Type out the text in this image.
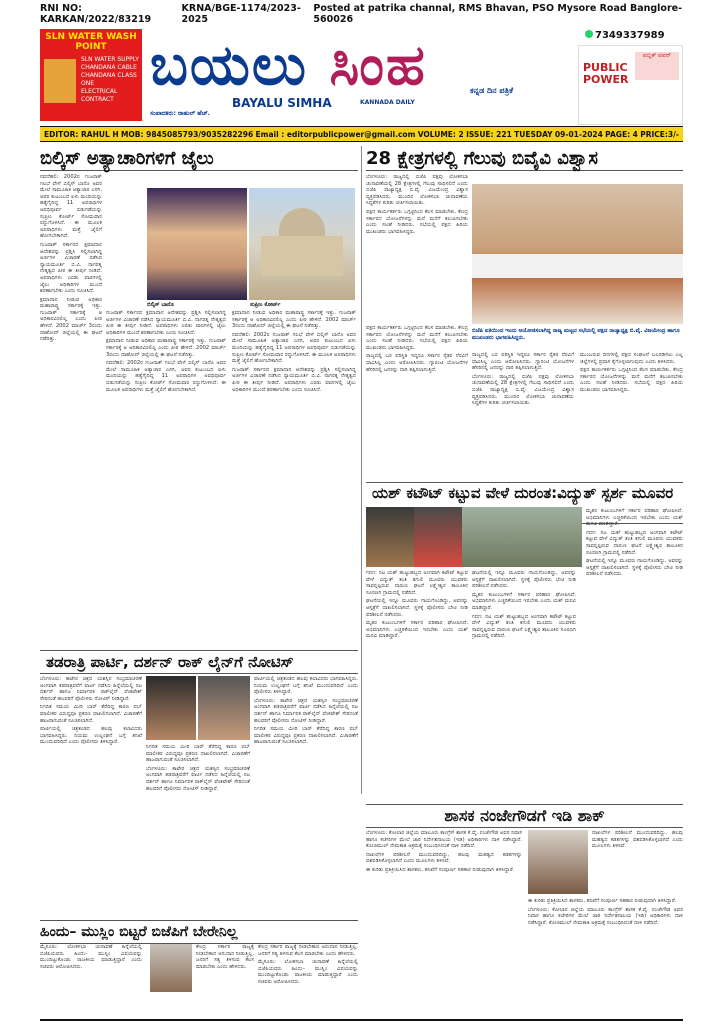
RNI NO: KARKAN/2022/83219
KRNA/BGE-1174/2023-2025
Posted at patrika channal, RMS Bhavan, PSO Mysore Road Banglore-560026
SLN WATER WASH
POINT
SLN WATER SUPPLY
CHANDANA CABLE
CHANDANA CLASS ONE
ELECTRICAL CONTRACT
ಬಯಲು ಸಿಂಹ
BAYALU SIMHA	KANNADA DAILY
ಕನ್ನಡ ದಿನ ಪತ್ರಿಕೆ
ಸಂಪಾದಕರು: ರಾಹುಲ್ ಹೆಚ್.
7349337989
PUBLIC
POWER
ಪಬ್ಲಿಕ್ ಪವರ್
EDITOR: RAHUL H MOB: 9845085793/9035282296 Email : editorpublicpower@gmail.com VOLUME: 2 ISSUE: 221 TUESDAY 09-01-2024 PAGE: 4 PRICE:3/-
ಬಿಲ್ಕಿಸ್ ಅತ್ಯಾಚಾರಿಗಳಿಗೆ ಜೈಲು

ನವದೆಹಲಿ: 2002ರ ಗುಜರಾತ್ ಗಲಭೆ ವೇಳೆ ಬಿಲ್ಕಿಸ್ ಬಾನೊ ಅವರ ಮೇಲೆ ಸಾಮೂಹಿಕ ಅತ್ಯಾಚಾರ ಎಸಗಿ, ಅವರ ಕುಟುಂಬದ ಏಳು ಮಂದಿಯನ್ನು ಹತ್ಯೆಗೈದಿದ್ದ 11 ಅಪರಾಧಿಗಳ ಅವಧಿಪೂರ್ವ ಬಿಡುಗಡೆಯನ್ನು ಸುಪ್ರೀಂ ಕೋರ್ಟ್ ಸೋಮವಾರ ರದ್ದುಗೊಳಿಸಿದೆ. ಈ ಮೂಲಕ ಅಪರಾಧಿಗಳು ಮತ್ತೆ ಜೈಲಿಗೆ ಹೋಗಬೇಕಾಗಿದೆ.

ಗುಜರಾತ್ ಸರ್ಕಾರದ ಕ್ಷಮಾದಾನ ಆದೇಶವನ್ನು ಪ್ರಶ್ನಿಸಿ ಸಲ್ಲಿಸಲಾಗಿದ್ದ ಅರ್ಜಿಗಳ ವಿಚಾರಣೆ ನಡೆಸಿದ ನ್ಯಾಯಮೂರ್ತಿ ಬಿ.ವಿ. ನಾಗರತ್ನ ನೇತೃತ್ವದ ಪೀಠ ಈ ತೀರ್ಪು ನೀಡಿದೆ. ಅಪರಾಧಿಗಳು ಎರಡು ವಾರಗಳಲ್ಲಿ ಜೈಲು ಅಧಿಕಾರಿಗಳ ಮುಂದೆ ಶರಣಾಗಬೇಕು ಎಂದು ಸೂಚಿಸಿದೆ.

ಕ್ಷಮಾದಾನ ನೀಡುವ ಅಧಿಕಾರ ಮಹಾರಾಷ್ಟ್ರ ಸರ್ಕಾರಕ್ಕೆ ಇತ್ತು. ಗುಜರಾತ್ ಸರ್ಕಾರಕ್ಕೆ ಆ ಅಧಿಕಾರವಿರಲಿಲ್ಲ ಎಂದು ಪೀಠ ಹೇಳಿದೆ. 2002 ಮಾರ್ಚ್ 3ರಂದು ದಾಹೋದ್ ಜಿಲ್ಲೆಯಲ್ಲಿ ಈ ಘಟನೆ ನಡೆದಿತ್ತು.

ಬಿಲ್ಕಿಸ್ ಬಾನೊ	ಸುಪ್ರೀಂ ಕೋರ್ಟ್

ಗುಜರಾತ್ ಸರ್ಕಾರದ ಕ್ಷಮಾದಾನ ಆದೇಶವನ್ನು ಪ್ರಶ್ನಿಸಿ ಸಲ್ಲಿಸಲಾಗಿದ್ದ ಅರ್ಜಿಗಳ ವಿಚಾರಣೆ ನಡೆಸಿದ ನ್ಯಾಯಮೂರ್ತಿ ಬಿ.ವಿ. ನಾಗರತ್ನ ನೇತೃತ್ವದ ಪೀಠ ಈ ತೀರ್ಪು ನೀಡಿದೆ. ಅಪರಾಧಿಗಳು ಎರಡು ವಾರಗಳಲ್ಲಿ ಜೈಲು ಅಧಿಕಾರಿಗಳ ಮುಂದೆ ಶರಣಾಗಬೇಕು ಎಂದು ಸೂಚಿಸಿದೆ.

ಕ್ಷಮಾದಾನ ನೀಡುವ ಅಧಿಕಾರ ಮಹಾರಾಷ್ಟ್ರ ಸರ್ಕಾರಕ್ಕೆ ಇತ್ತು. ಗುಜರಾತ್ ಸರ್ಕಾರಕ್ಕೆ ಆ ಅಧಿಕಾರವಿರಲಿಲ್ಲ ಎಂದು ಪೀಠ ಹೇಳಿದೆ. 2002 ಮಾರ್ಚ್ 3ರಂದು ದಾಹೋದ್ ಜಿಲ್ಲೆಯಲ್ಲಿ ಈ ಘಟನೆ ನಡೆದಿತ್ತು.

ನವದೆಹಲಿ: 2002ರ ಗುಜರಾತ್ ಗಲಭೆ ವೇಳೆ ಬಿಲ್ಕಿಸ್ ಬಾನೊ ಅವರ ಮೇಲೆ ಸಾಮೂಹಿಕ ಅತ್ಯಾಚಾರ ಎಸಗಿ, ಅವರ ಕುಟುಂಬದ ಏಳು ಮಂದಿಯನ್ನು ಹತ್ಯೆಗೈದಿದ್ದ 11 ಅಪರಾಧಿಗಳ ಅವಧಿಪೂರ್ವ ಬಿಡುಗಡೆಯನ್ನು ಸುಪ್ರೀಂ ಕೋರ್ಟ್ ಸೋಮವಾರ ರದ್ದುಗೊಳಿಸಿದೆ. ಈ ಮೂಲಕ ಅಪರಾಧಿಗಳು ಮತ್ತೆ ಜೈಲಿಗೆ ಹೋಗಬೇಕಾಗಿದೆ.

ಕ್ಷಮಾದಾನ ನೀಡುವ ಅಧಿಕಾರ ಮಹಾರಾಷ್ಟ್ರ ಸರ್ಕಾರಕ್ಕೆ ಇತ್ತು. ಗುಜರಾತ್ ಸರ್ಕಾರಕ್ಕೆ ಆ ಅಧಿಕಾರವಿರಲಿಲ್ಲ ಎಂದು ಪೀಠ ಹೇಳಿದೆ. 2002 ಮಾರ್ಚ್ 3ರಂದು ದಾಹೋದ್ ಜಿಲ್ಲೆಯಲ್ಲಿ ಈ ಘಟನೆ ನಡೆದಿತ್ತು.

ನವದೆಹಲಿ: 2002ರ ಗುಜರಾತ್ ಗಲಭೆ ವೇಳೆ ಬಿಲ್ಕಿಸ್ ಬಾನೊ ಅವರ ಮೇಲೆ ಸಾಮೂಹಿಕ ಅತ್ಯಾಚಾರ ಎಸಗಿ, ಅವರ ಕುಟುಂಬದ ಏಳು ಮಂದಿಯನ್ನು ಹತ್ಯೆಗೈದಿದ್ದ 11 ಅಪರಾಧಿಗಳ ಅವಧಿಪೂರ್ವ ಬಿಡುಗಡೆಯನ್ನು ಸುಪ್ರೀಂ ಕೋರ್ಟ್ ಸೋಮವಾರ ರದ್ದುಗೊಳಿಸಿದೆ. ಈ ಮೂಲಕ ಅಪರಾಧಿಗಳು ಮತ್ತೆ ಜೈಲಿಗೆ ಹೋಗಬೇಕಾಗಿದೆ.

ಗುಜರಾತ್ ಸರ್ಕಾರದ ಕ್ಷಮಾದಾನ ಆದೇಶವನ್ನು ಪ್ರಶ್ನಿಸಿ ಸಲ್ಲಿಸಲಾಗಿದ್ದ ಅರ್ಜಿಗಳ ವಿಚಾರಣೆ ನಡೆಸಿದ ನ್ಯಾಯಮೂರ್ತಿ ಬಿ.ವಿ. ನಾಗರತ್ನ ನೇತೃತ್ವದ ಪೀಠ ಈ ತೀರ್ಪು ನೀಡಿದೆ. ಅಪರಾಧಿಗಳು ಎರಡು ವಾರಗಳಲ್ಲಿ ಜೈಲು ಅಧಿಕಾರಿಗಳ ಮುಂದೆ ಶರಣಾಗಬೇಕು ಎಂದು ಸೂಚಿಸಿದೆ.

28 ಕ್ಷೇತ್ರಗಳಲ್ಲಿ ಗೆಲುವು ಬಿವೈವಿ ವಿಶ್ವಾಸ

ಬೆಂಗಳೂರು: ರಾಜ್ಯದಲ್ಲಿ ಬಿಜೆಪಿ ಪಕ್ಷವು ಲೋಕಸಭಾ ಚುನಾವಣೆಯಲ್ಲಿ 28 ಕ್ಷೇತ್ರಗಳಲ್ಲಿ ಗೆಲುವು ಸಾಧಿಸಲಿದೆ ಎಂದು ಬಿಜೆಪಿ ರಾಜ್ಯಾಧ್ಯಕ್ಷ ಬಿ.ವೈ. ವಿಜಯೇಂದ್ರ ವಿಶ್ವಾಸ ವ್ಯಕ್ತಪಡಿಸಿದರು. ಮುಂದಿನ ಲೋಕಸಭಾ ಚುನಾವಣೆಯ ಸಿದ್ಧತೆಗಳ ಕುರಿತು ಚರ್ಚಿಸಲಾಯಿತು.

ಪಕ್ಷದ ಕಾರ್ಯಕರ್ತರು ಒಗ್ಗಟ್ಟಿನಿಂದ ಕೆಲಸ ಮಾಡಬೇಕು. ಕೇಂದ್ರ ಸರ್ಕಾರದ ಯೋಜನೆಗಳನ್ನು ಮನೆ ಮನೆಗೆ ತಲುಪಿಸಬೇಕು ಎಂದು ಸಲಹೆ ನೀಡಿದರು. ಸಭೆಯಲ್ಲಿ ಪಕ್ಷದ ಹಿರಿಯ ಮುಖಂಡರು ಭಾಗವಹಿಸಿದ್ದರು.

ಬಿಜೆಪಿ ವತಿಯಿಂದ ಇಂದು ಆಯೋಜಿಸಲಾಗಿದ್ದ ರಾಜ್ಯ ಮಟ್ಟದ ಸಭೆಯಲ್ಲಿ ಪಕ್ಷದ ರಾಜ್ಯಾಧ್ಯಕ್ಷ ಬಿ.ವೈ. ವಿಜಯೇಂದ್ರ ಹಾಗೂ ಮುಖಂಡರು ಭಾಗವಹಿಸಿದ್ದರು.

ಪಕ್ಷದ ಕಾರ್ಯಕರ್ತರು ಒಗ್ಗಟ್ಟಿನಿಂದ ಕೆಲಸ ಮಾಡಬೇಕು. ಕೇಂದ್ರ ಸರ್ಕಾರದ ಯೋಜನೆಗಳನ್ನು ಮನೆ ಮನೆಗೆ ತಲುಪಿಸಬೇಕು ಎಂದು ಸಲಹೆ ನೀಡಿದರು. ಸಭೆಯಲ್ಲಿ ಪಕ್ಷದ ಹಿರಿಯ ಮುಖಂಡರು ಭಾಗವಹಿಸಿದ್ದರು.

ರಾಜ್ಯದಲ್ಲಿ ಬರ ಪರಿಸ್ಥಿತಿ ಇದ್ದರೂ ಸರ್ಕಾರ ರೈತರ ನೆರವಿಗೆ ಧಾವಿಸಿಲ್ಲ ಎಂದು ಆರೋಪಿಸಿದರು. ಗ್ಯಾರಂಟಿ ಯೋಜನೆಗಳ ಹೆಸರಿನಲ್ಲಿ ಜನರನ್ನು ದಾರಿ ತಪ್ಪಿಸಲಾಗುತ್ತಿದೆ.

ರಾಜ್ಯದಲ್ಲಿ ಬರ ಪರಿಸ್ಥಿತಿ ಇದ್ದರೂ ಸರ್ಕಾರ ರೈತರ ನೆರವಿಗೆ ಧಾವಿಸಿಲ್ಲ ಎಂದು ಆರೋಪಿಸಿದರು. ಗ್ಯಾರಂಟಿ ಯೋಜನೆಗಳ ಹೆಸರಿನಲ್ಲಿ ಜನರನ್ನು ದಾರಿ ತಪ್ಪಿಸಲಾಗುತ್ತಿದೆ.

ಬೆಂಗಳೂರು: ರಾಜ್ಯದಲ್ಲಿ ಬಿಜೆಪಿ ಪಕ್ಷವು ಲೋಕಸಭಾ ಚುನಾವಣೆಯಲ್ಲಿ 28 ಕ್ಷೇತ್ರಗಳಲ್ಲಿ ಗೆಲುವು ಸಾಧಿಸಲಿದೆ ಎಂದು ಬಿಜೆಪಿ ರಾಜ್ಯಾಧ್ಯಕ್ಷ ಬಿ.ವೈ. ವಿಜಯೇಂದ್ರ ವಿಶ್ವಾಸ ವ್ಯಕ್ತಪಡಿಸಿದರು. ಮುಂದಿನ ಲೋಕಸಭಾ ಚುನಾವಣೆಯ ಸಿದ್ಧತೆಗಳ ಕುರಿತು ಚರ್ಚಿಸಲಾಯಿತು.

ಮುಂಬರುವ ದಿನಗಳಲ್ಲಿ ಪಕ್ಷದ ಸಂಘಟನೆ ಬಲಪಡಿಸಲು ಎಲ್ಲ ಜಿಲ್ಲೆಗಳಲ್ಲಿ ಪ್ರವಾಸ ಕೈಗೊಳ್ಳಲಾಗುವುದು ಎಂದು ತಿಳಿಸಿದರು.

ಪಕ್ಷದ ಕಾರ್ಯಕರ್ತರು ಒಗ್ಗಟ್ಟಿನಿಂದ ಕೆಲಸ ಮಾಡಬೇಕು. ಕೇಂದ್ರ ಸರ್ಕಾರದ ಯೋಜನೆಗಳನ್ನು ಮನೆ ಮನೆಗೆ ತಲುಪಿಸಬೇಕು ಎಂದು ಸಲಹೆ ನೀಡಿದರು. ಸಭೆಯಲ್ಲಿ ಪಕ್ಷದ ಹಿರಿಯ ಮುಖಂಡರು ಭಾಗವಹಿಸಿದ್ದರು.

ಯಶ್ ಕಟೌಟ್ ಕಟ್ಟುವ ವೇಳೆ ದುರಂತ:ವಿದ್ಯುತ್ ಸ್ಪರ್ಶ ಮೂವರ

ಗದಗ: ನಟ ಯಶ್ ಹುಟ್ಟುಹಬ್ಬದ ಅಂಗವಾಗಿ ಕಟೌಟ್ ಕಟ್ಟುವ ವೇಳೆ ವಿದ್ಯುತ್ ತಂತಿ ತಗುಲಿ ಮೂವರು ಯುವಕರು ಸಾವನ್ನಪ್ಪಿರುವ ದಾರುಣ ಘಟನೆ ಲಕ್ಷ್ಮೇಶ್ವರ ತಾಲೂಕಿನ ಸೂರಣಗಿ ಗ್ರಾಮದಲ್ಲಿ ನಡೆದಿದೆ.

ಘಟನೆಯಲ್ಲಿ ಇನ್ನೂ ಮೂವರು ಗಾಯಗೊಂಡಿದ್ದು, ಅವರನ್ನು ಆಸ್ಪತ್ರೆಗೆ ದಾಖಲಿಸಲಾಗಿದೆ. ಸ್ಥಳಕ್ಕೆ ಪೊಲೀಸರು ಭೇಟಿ ನೀಡಿ ಪರಿಶೀಲನೆ ನಡೆಸಿದರು.

ಮೃತರ ಕುಟುಂಬಗಳಿಗೆ ಸರ್ಕಾರ ಪರಿಹಾರ ಘೋಷಿಸಿದೆ. ಅಭಿಮಾನಿಗಳು ಎಚ್ಚರಿಕೆಯಿಂದ ಇರಬೇಕು ಎಂದು ಯಶ್ ಮನವಿ ಮಾಡಿದ್ದಾರೆ.

ಘಟನೆಯಲ್ಲಿ ಇನ್ನೂ ಮೂವರು ಗಾಯಗೊಂಡಿದ್ದು, ಅವರನ್ನು ಆಸ್ಪತ್ರೆಗೆ ದಾಖಲಿಸಲಾಗಿದೆ. ಸ್ಥಳಕ್ಕೆ ಪೊಲೀಸರು ಭೇಟಿ ನೀಡಿ ಪರಿಶೀಲನೆ ನಡೆಸಿದರು.

ಮೃತರ ಕುಟುಂಬಗಳಿಗೆ ಸರ್ಕಾರ ಪರಿಹಾರ ಘೋಷಿಸಿದೆ. ಅಭಿಮಾನಿಗಳು ಎಚ್ಚರಿಕೆಯಿಂದ ಇರಬೇಕು ಎಂದು ಯಶ್ ಮನವಿ ಮಾಡಿದ್ದಾರೆ.

ಗದಗ: ನಟ ಯಶ್ ಹುಟ್ಟುಹಬ್ಬದ ಅಂಗವಾಗಿ ಕಟೌಟ್ ಕಟ್ಟುವ ವೇಳೆ ವಿದ್ಯುತ್ ತಂತಿ ತಗುಲಿ ಮೂವರು ಯುವಕರು ಸಾವನ್ನಪ್ಪಿರುವ ದಾರುಣ ಘಟನೆ ಲಕ್ಷ್ಮೇಶ್ವರ ತಾಲೂಕಿನ ಸೂರಣಗಿ ಗ್ರಾಮದಲ್ಲಿ ನಡೆದಿದೆ.

ಮೃತರ ಕುಟುಂಬಗಳಿಗೆ ಸರ್ಕಾರ ಪರಿಹಾರ ಘೋಷಿಸಿದೆ. ಅಭಿಮಾನಿಗಳು ಎಚ್ಚರಿಕೆಯಿಂದ ಇರಬೇಕು ಎಂದು ಯಶ್ ಮನವಿ ಮಾಡಿದ್ದಾರೆ.

ಗದಗ: ನಟ ಯಶ್ ಹುಟ್ಟುಹಬ್ಬದ ಅಂಗವಾಗಿ ಕಟೌಟ್ ಕಟ್ಟುವ ವೇಳೆ ವಿದ್ಯುತ್ ತಂತಿ ತಗುಲಿ ಮೂವರು ಯುವಕರು ಸಾವನ್ನಪ್ಪಿರುವ ದಾರುಣ ಘಟನೆ ಲಕ್ಷ್ಮೇಶ್ವರ ತಾಲೂಕಿನ ಸೂರಣಗಿ ಗ್ರಾಮದಲ್ಲಿ ನಡೆದಿದೆ.

ಘಟನೆಯಲ್ಲಿ ಇನ್ನೂ ಮೂವರು ಗಾಯಗೊಂಡಿದ್ದು, ಅವರನ್ನು ಆಸ್ಪತ್ರೆಗೆ ದಾಖಲಿಸಲಾಗಿದೆ. ಸ್ಥಳಕ್ಕೆ ಪೊಲೀಸರು ಭೇಟಿ ನೀಡಿ ಪರಿಶೀಲನೆ ನಡೆಸಿದರು.

ತಡರಾತ್ರಿ ಪಾರ್ಟಿ, ದರ್ಶನ್ ರಾಕ್ ಲೈನ್‌ಗೆ ನೋಟಿಸ್

ಬೆಂಗಳೂರು: ಕಾಟೇರ ಚಿತ್ರದ ಯಶಸ್ಸಿನ ಸಂಭ್ರಮಾಚರಣೆ ಅಂಗವಾಗಿ ತಡರಾತ್ರಿವರೆಗೆ ಪಾರ್ಟಿ ನಡೆಸಿದ ಹಿನ್ನೆಲೆಯಲ್ಲಿ ನಟ ದರ್ಶನ್ ಹಾಗೂ ನಿರ್ಮಾಪಕ ರಾಕ್‌ಲೈನ್ ವೆಂಕಟೇಶ್ ಸೇರಿದಂತೆ ಹಲವರಿಗೆ ಪೊಲೀಸರು ನೋಟಿಸ್ ನೀಡಿದ್ದಾರೆ.

ನಿಗದಿತ ಸಮಯ ಮೀರಿ ಬಾರ್ ತೆರೆದಿದ್ದ ಕಾರಣ ಪಬ್ ಮಾಲೀಕರ ವಿರುದ್ಧವೂ ಪ್ರಕರಣ ದಾಖಲಿಸಲಾಗಿದೆ. ವಿಚಾರಣೆಗೆ ಹಾಜರಾಗುವಂತೆ ಸೂಚಿಸಲಾಗಿದೆ.

ಪಾರ್ಟಿಯಲ್ಲಿ ಚಿತ್ರತಂಡದ ಹಲವು ಕಲಾವಿದರು ಭಾಗವಹಿಸಿದ್ದರು. ನಿಯಮ ಉಲ್ಲಂಘನೆ ಬಗ್ಗೆ ತನಿಖೆ ಮುಂದುವರಿದಿದೆ ಎಂದು ಪೊಲೀಸರು ತಿಳಿಸಿದ್ದಾರೆ.

ನಿಗದಿತ ಸಮಯ ಮೀರಿ ಬಾರ್ ತೆರೆದಿದ್ದ ಕಾರಣ ಪಬ್ ಮಾಲೀಕರ ವಿರುದ್ಧವೂ ಪ್ರಕರಣ ದಾಖಲಿಸಲಾಗಿದೆ. ವಿಚಾರಣೆಗೆ ಹಾಜರಾಗುವಂತೆ ಸೂಚಿಸಲಾಗಿದೆ.

ಬೆಂಗಳೂರು: ಕಾಟೇರ ಚಿತ್ರದ ಯಶಸ್ಸಿನ ಸಂಭ್ರಮಾಚರಣೆ ಅಂಗವಾಗಿ ತಡರಾತ್ರಿವರೆಗೆ ಪಾರ್ಟಿ ನಡೆಸಿದ ಹಿನ್ನೆಲೆಯಲ್ಲಿ ನಟ ದರ್ಶನ್ ಹಾಗೂ ನಿರ್ಮಾಪಕ ರಾಕ್‌ಲೈನ್ ವೆಂಕಟೇಶ್ ಸೇರಿದಂತೆ ಹಲವರಿಗೆ ಪೊಲೀಸರು ನೋಟಿಸ್ ನೀಡಿದ್ದಾರೆ.

ಪಾರ್ಟಿಯಲ್ಲಿ ಚಿತ್ರತಂಡದ ಹಲವು ಕಲಾವಿದರು ಭಾಗವಹಿಸಿದ್ದರು. ನಿಯಮ ಉಲ್ಲಂಘನೆ ಬಗ್ಗೆ ತನಿಖೆ ಮುಂದುವರಿದಿದೆ ಎಂದು ಪೊಲೀಸರು ತಿಳಿಸಿದ್ದಾರೆ.

ಬೆಂಗಳೂರು: ಕಾಟೇರ ಚಿತ್ರದ ಯಶಸ್ಸಿನ ಸಂಭ್ರಮಾಚರಣೆ ಅಂಗವಾಗಿ ತಡರಾತ್ರಿವರೆಗೆ ಪಾರ್ಟಿ ನಡೆಸಿದ ಹಿನ್ನೆಲೆಯಲ್ಲಿ ನಟ ದರ್ಶನ್ ಹಾಗೂ ನಿರ್ಮಾಪಕ ರಾಕ್‌ಲೈನ್ ವೆಂಕಟೇಶ್ ಸೇರಿದಂತೆ ಹಲವರಿಗೆ ಪೊಲೀಸರು ನೋಟಿಸ್ ನೀಡಿದ್ದಾರೆ.

ನಿಗದಿತ ಸಮಯ ಮೀರಿ ಬಾರ್ ತೆರೆದಿದ್ದ ಕಾರಣ ಪಬ್ ಮಾಲೀಕರ ವಿರುದ್ಧವೂ ಪ್ರಕರಣ ದಾಖಲಿಸಲಾಗಿದೆ. ವಿಚಾರಣೆಗೆ ಹಾಜರಾಗುವಂತೆ ಸೂಚಿಸಲಾಗಿದೆ.

ಹಿಂದು– ಮುಸ್ಲಿಂ ಬಿಟ್ಟರೆ ಬಿಜೆಪಿಗೆ ಬೇರೇನಿಲ್ಲ

ಮೈಸೂರು: ಲೋಕಸಭಾ ಚುನಾವಣೆ ಹಿನ್ನೆಲೆಯಲ್ಲಿ ಬಿಜೆಪಿಯವರು ಹಿಂದು– ಮುಸ್ಲಿಂ ವಿಷಯವನ್ನು ಮುಂದಿಟ್ಟುಕೊಂಡು ರಾಜಕೀಯ ಮಾಡುತ್ತಿದ್ದಾರೆ ಎಂದು ಸಚಿವರು ಆರೋಪಿಸಿದರು.

ಕೇಂದ್ರ ಸರ್ಕಾರ ರಾಜ್ಯಕ್ಕೆ ನೀಡಬೇಕಾದ ಅನುದಾನ ನೀಡುತ್ತಿಲ್ಲ. ಜನರಿಗೆ ಸತ್ಯ ತಿಳಿಸುವ ಕೆಲಸ ಮಾಡಬೇಕು ಎಂದು ಹೇಳಿದರು.

ಕೇಂದ್ರ ಸರ್ಕಾರ ರಾಜ್ಯಕ್ಕೆ ನೀಡಬೇಕಾದ ಅನುದಾನ ನೀಡುತ್ತಿಲ್ಲ. ಜನರಿಗೆ ಸತ್ಯ ತಿಳಿಸುವ ಕೆಲಸ ಮಾಡಬೇಕು ಎಂದು ಹೇಳಿದರು.

ಮೈಸೂರು: ಲೋಕಸಭಾ ಚುನಾವಣೆ ಹಿನ್ನೆಲೆಯಲ್ಲಿ ಬಿಜೆಪಿಯವರು ಹಿಂದು– ಮುಸ್ಲಿಂ ವಿಷಯವನ್ನು ಮುಂದಿಟ್ಟುಕೊಂಡು ರಾಜಕೀಯ ಮಾಡುತ್ತಿದ್ದಾರೆ ಎಂದು ಸಚಿವರು ಆರೋಪಿಸಿದರು.

ಶಾಸಕ ನಂಜೇಗೌಡಗೆ ಇಡಿ ಶಾಕ್

ಬೆಂಗಳೂರು: ಕೋಲಾರ ಜಿಲ್ಲೆಯ ಮಾಲೂರು ಕಾಂಗ್ರೆಸ್ ಶಾಸಕ ಕೆ.ವೈ. ನಂಜೇಗೌಡ ಅವರ ನಿವಾಸ ಹಾಗೂ ಕಚೇರಿಗಳ ಮೇಲೆ ಜಾರಿ ನಿರ್ದೇಶನಾಲಯ (ಇಡಿ) ಅಧಿಕಾರಿಗಳು ದಾಳಿ ನಡೆಸಿದ್ದಾರೆ. ಕೋಚಿಮುಲ್ ನೇಮಕಾತಿ ಅಕ್ರಮಕ್ಕೆ ಸಂಬಂಧಿಸಿದಂತೆ ದಾಳಿ ನಡೆದಿದೆ.

ದಾಖಲೆಗಳ ಪರಿಶೀಲನೆ ಮುಂದುವರಿದಿದ್ದು, ಹಲವು ಮಹತ್ವದ ಕಡತಗಳನ್ನು ವಶಪಡಿಸಿಕೊಳ್ಳಲಾಗಿದೆ ಎಂದು ಮೂಲಗಳು ತಿಳಿಸಿವೆ.

ಈ ಕುರಿತು ಪ್ರತಿಕ್ರಿಯಿಸಿದ ಶಾಸಕರು, ತನಿಖೆಗೆ ಸಂಪೂರ್ಣ ಸಹಕಾರ ನೀಡುವುದಾಗಿ ತಿಳಿಸಿದ್ದಾರೆ.

ದಾಖಲೆಗಳ ಪರಿಶೀಲನೆ ಮುಂದುವರಿದಿದ್ದು, ಹಲವು ಮಹತ್ವದ ಕಡತಗಳನ್ನು ವಶಪಡಿಸಿಕೊಳ್ಳಲಾಗಿದೆ ಎಂದು ಮೂಲಗಳು ತಿಳಿಸಿವೆ.

ಈ ಕುರಿತು ಪ್ರತಿಕ್ರಿಯಿಸಿದ ಶಾಸಕರು, ತನಿಖೆಗೆ ಸಂಪೂರ್ಣ ಸಹಕಾರ ನೀಡುವುದಾಗಿ ತಿಳಿಸಿದ್ದಾರೆ.

ಬೆಂಗಳೂರು: ಕೋಲಾರ ಜಿಲ್ಲೆಯ ಮಾಲೂರು ಕಾಂಗ್ರೆಸ್ ಶಾಸಕ ಕೆ.ವೈ. ನಂಜೇಗೌಡ ಅವರ ನಿವಾಸ ಹಾಗೂ ಕಚೇರಿಗಳ ಮೇಲೆ ಜಾರಿ ನಿರ್ದೇಶನಾಲಯ (ಇಡಿ) ಅಧಿಕಾರಿಗಳು ದಾಳಿ ನಡೆಸಿದ್ದಾರೆ. ಕೋಚಿಮುಲ್ ನೇಮಕಾತಿ ಅಕ್ರಮಕ್ಕೆ ಸಂಬಂಧಿಸಿದಂತೆ ದಾಳಿ ನಡೆದಿದೆ.
